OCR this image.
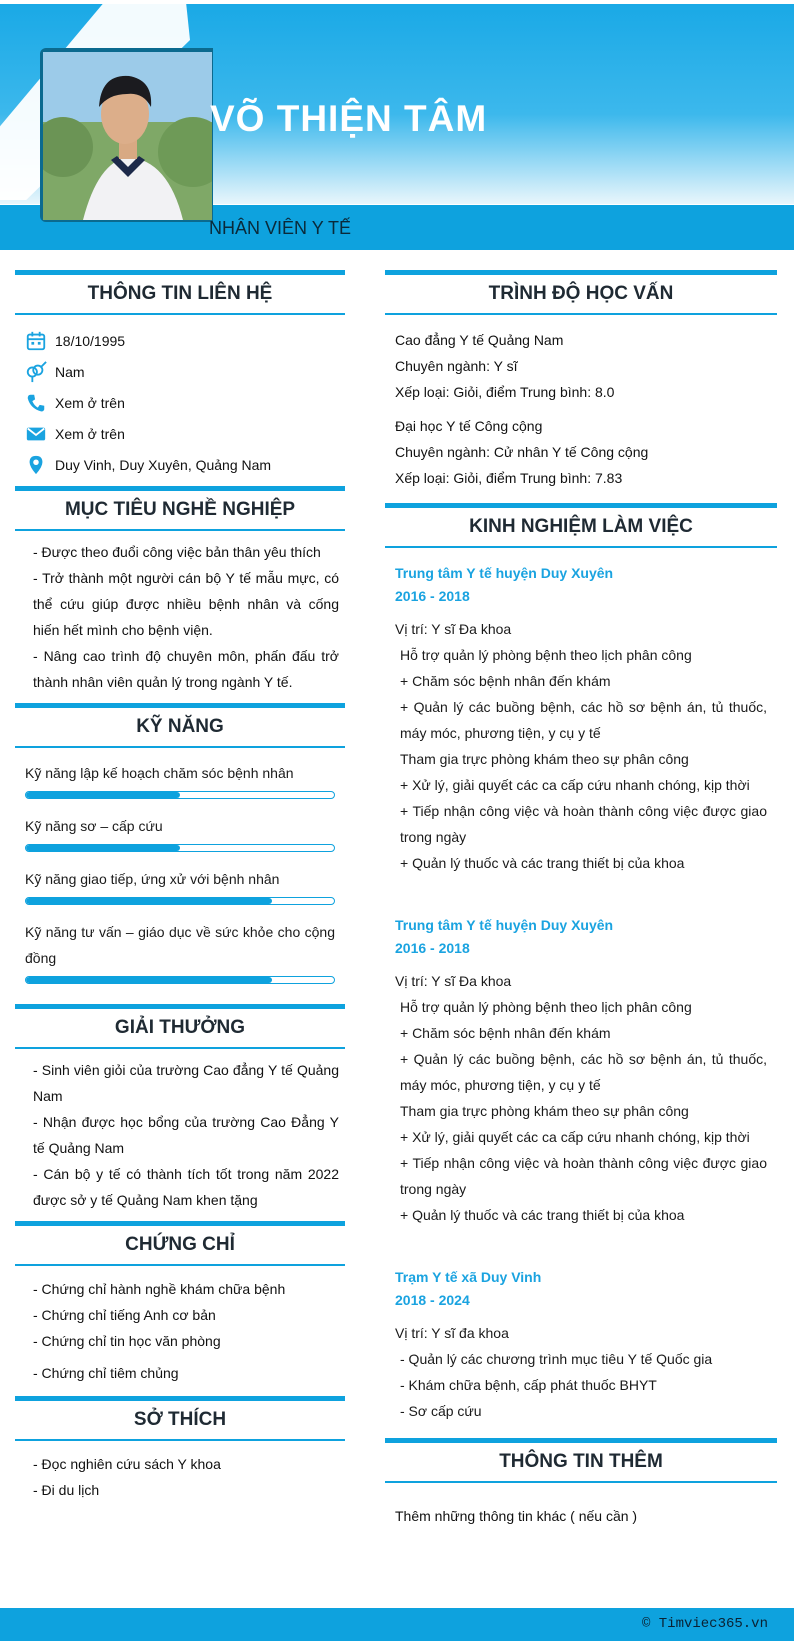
VÕ THIỆN TÂM
NHÂN VIÊN Y TẾ
THÔNG TIN LIÊN HỆ
18/10/1995
Nam
Xem ở trên
Xem ở trên
Duy Vinh, Duy Xuyên, Quảng Nam
MỤC TIÊU NGHỀ NGHIỆP
- Được theo đuổi công việc bản thân yêu thích
- Trở thành một người cán bộ Y tế mẫu mực, có thể cứu giúp được nhiều bệnh nhân và cống hiến hết mình cho bệnh viện.
- Nâng cao trình độ chuyên môn, phấn đấu trở thành nhân viên quản lý trong ngành Y tế.
KỸ NĂNG
Kỹ năng lập kế hoạch chăm sóc bệnh nhân
Kỹ năng sơ – cấp cứu
Kỹ năng giao tiếp, ứng xử với bệnh nhân
Kỹ năng tư vấn – giáo dục về sức khỏe cho cộng đồng
GIẢI THƯỞNG
- Sinh viên giỏi của trường Cao đẳng Y tế Quảng Nam
- Nhận được học bổng của trường Cao Đẳng Y tế Quảng Nam
- Cán bộ y tế có thành tích tốt trong năm 2022 được sở y tế Quảng Nam khen tặng
CHỨNG CHỈ
- Chứng chỉ hành nghề khám chữa bệnh
- Chứng chỉ tiếng Anh cơ bản
- Chứng chỉ tin học văn phòng
- Chứng chỉ tiêm chủng
SỞ THÍCH
- Đọc nghiên cứu sách Y khoa
- Đi du lịch
TRÌNH ĐỘ HỌC VẤN
Cao đẳng Y tế Quảng Nam
Chuyên ngành: Y sĩ
Xếp loại: Giỏi, điểm Trung bình: 8.0
Đại học Y tế Công cộng
Chuyên ngành: Cử nhân Y tế Công cộng
Xếp loại: Giỏi, điểm Trung bình: 7.83
KINH NGHIỆM LÀM VIỆC
Trung tâm Y tế huyện Duy Xuyên
2016 - 2018
Vị trí: Y sĩ Đa khoa
Hỗ trợ quản lý phòng bệnh theo lịch phân công
+ Chăm sóc bệnh nhân đến khám
+ Quản lý các buồng bệnh, các hồ sơ bệnh án, tủ thuốc, máy móc, phương tiện, y cụ y tế
Tham gia trực phòng khám theo sự phân công
+ Xử lý, giải quyết các ca cấp cứu nhanh chóng, kịp thời
+ Tiếp nhận công việc và hoàn thành công việc được giao trong ngày
+ Quản lý thuốc và các trang thiết bị của khoa
Trung tâm Y tế huyện Duy Xuyên
2016 - 2018
Vị trí: Y sĩ Đa khoa
Hỗ trợ quản lý phòng bệnh theo lịch phân công
+ Chăm sóc bệnh nhân đến khám
+ Quản lý các buồng bệnh, các hồ sơ bệnh án, tủ thuốc, máy móc, phương tiện, y cụ y tế
Tham gia trực phòng khám theo sự phân công
+ Xử lý, giải quyết các ca cấp cứu nhanh chóng, kịp thời
+ Tiếp nhận công việc và hoàn thành công việc được giao trong ngày
+ Quản lý thuốc và các trang thiết bị của khoa
Trạm Y tế xã Duy Vinh
2018 - 2024
Vị trí: Y sĩ đa khoa
- Quản lý các chương trình mục tiêu Y tế Quốc gia
- Khám chữa bệnh, cấp phát thuốc BHYT
- Sơ cấp cứu
THÔNG TIN THÊM
Thêm những thông tin khác ( nếu cần )
© Timviec365.vn
